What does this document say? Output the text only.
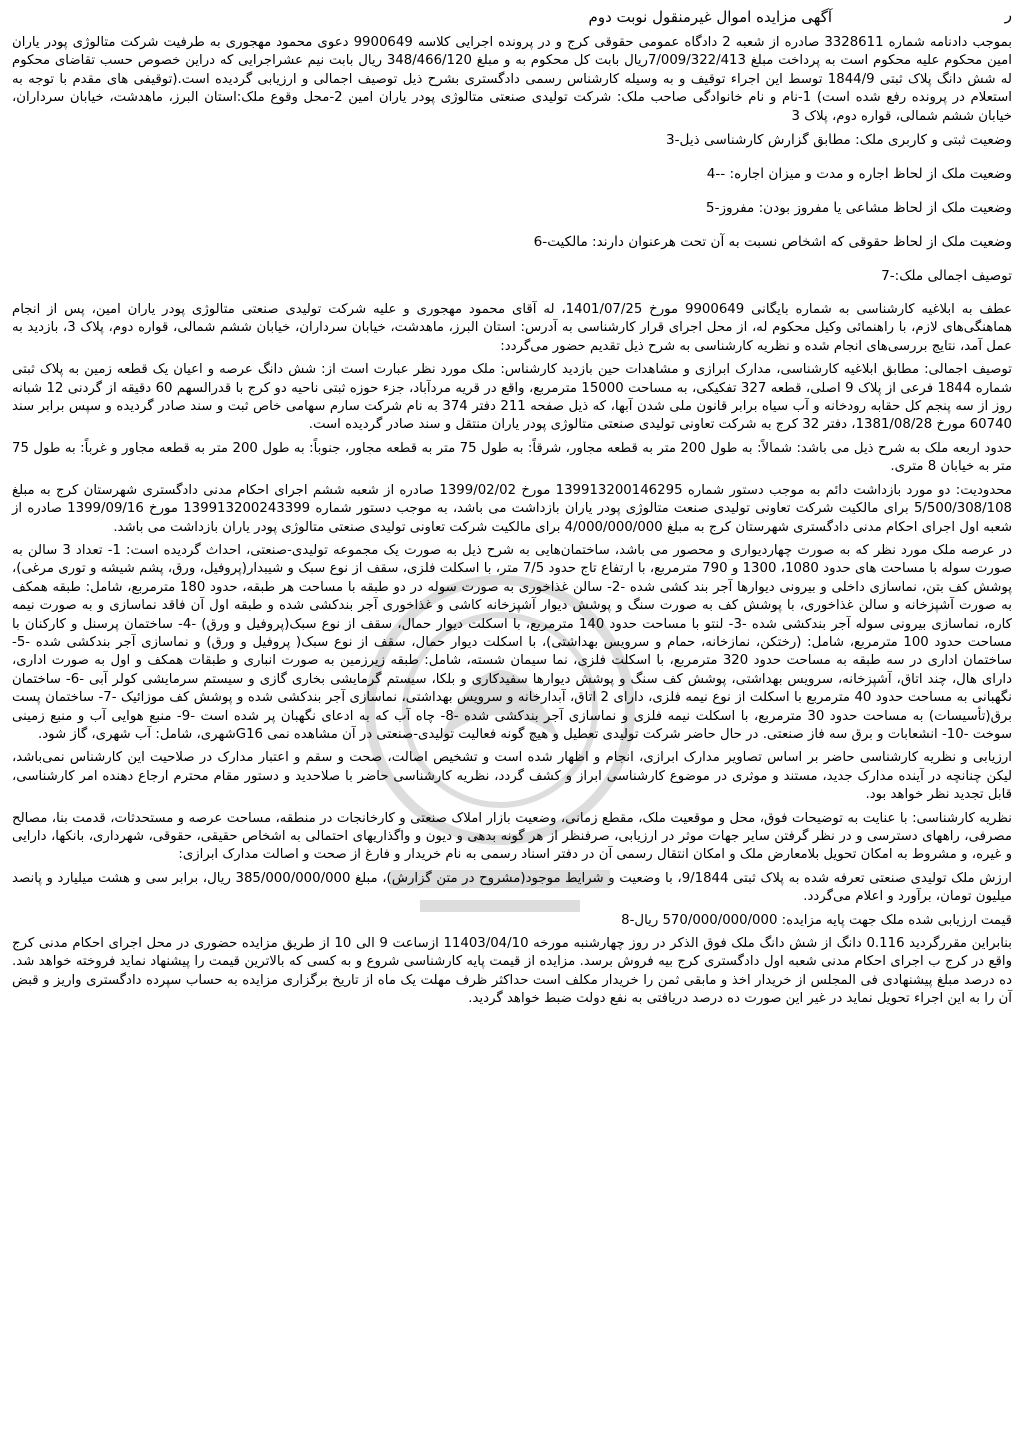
ر
آگهی مزایده اموال غیرمنقول نوبت دوم

بموجب دادنامه شماره 3328611 صادره از شعبه 2 دادگاه عمومی حقوقی کرج و در پرونده اجرایی کلاسه 9900649 دعوی محمود مهجوری به طرفیت شرکت متالوژی پودر یاران امین محکوم علیه محکوم است به پرداخت مبلغ 7/009/322/413ریال بابت کل محکوم به و مبلغ 348/466/120 ریال بابت نیم عشراجرایی که دراین خصوص حسب تقاضای محکوم له شش دانگ پلاک ثبتی 1844/9 توسط این اجراء توقیف و به وسیله کارشناس رسمی دادگستری بشرح ذیل توصیف اجمالی و ارزیابی گردیده است.(توقیفی های مقدم با توجه به استعلام در پرونده رفع شده است) 1-نام و نام خانوادگی صاحب ملک: شرکت تولیدی صنعتی متالوژی پودر یاران امین 2-محل وقوع ملک:استان البرز، ماهدشت، خیابان سرداران، خیابان ششم شمالی، قواره دوم، پلاک 3

وضعیت ثبتی و کاربری ملک: مطابق گزارش کارشناسی ذیل-3

وضعیت ملک از لحاظ اجاره و مدت و میزان اجاره: --4

وضعیت ملک از لحاظ مشاعی یا مفروز بودن: مفروز-5

وضعیت ملک از لحاظ حقوقی که اشخاص نسبت به آن تحت هرعنوان دارند: مالکیت-6

توصیف اجمالی ملک:-7

عطف به ابلاغیه کارشناسی به شماره بایگانی 9900649 مورخ 1401/07/25، له آقای محمود مهجوری و علیه شرکت تولیدی صنعتی متالوژی پودر یاران امین، پس از انجام هماهنگی‌های لازم، با راهنمائی وکیل محکوم له، از محل اجرای قرار کارشناسی به آدرس: استان البرز، ماهدشت، خیابان سرداران، خیابان ششم شمالی، قواره دوم، پلاک 3، بازدید به عمل آمد، نتایج بررسی‌های انجام شده و نظریه کارشناسی به شرح ذیل تقدیم حضور می‌گردد:

توصیف اجمالی: مطابق ابلاغیه کارشناسی، مدارک ابرازی و مشاهدات حین بازدید کارشناس: ملک مورد نظر عبارت است از: شش دانگ عرصه و اعیان یک قطعه زمین به پلاک ثبتی شماره 1844 فرعی از پلاک 9 اصلی، قطعه 327 تفکیکی، به مساحت 15000 مترمربع، واقع در قریه مردآباد، جزء حوزه ثبتی ناحیه دو کرج با قدرالسهم 60 دقیقه از گردنی 12 شبانه روز از سه پنجم کل حقابه رودخانه و آب سیاه برابر قانون ملی شدن آبها، که ذیل صفحه 211 دفتر 374 به نام شرکت سارم سهامی خاص ثبت و سند صادر گردیده و سپس برابر سند 60740 مورخ 1381/08/28، دفتر 32 کرج به شرکت تعاونی تولیدی صنعتی متالوژی پودر یاران منتقل و سند صادر گردیده است.

حدود اربعه ملک به شرح ذیل می باشد: شمالاً: به طول 200 متر به قطعه مجاور، شرقاً: به طول 75 متر به قطعه مجاور، جنوباً: به طول 200 متر به قطعه مجاور و غرباً: به طول 75 متر به خیابان 8 متری.

محدودیت: دو مورد بازداشت دائم به موجب دستور شماره 139913200146295 مورخ 1399/02/02 صادره از شعبه ششم اجرای احکام مدنی دادگستری شهرستان کرج به مبلغ 5/500/308/108 برای مالکیت شرکت تعاونی تولیدی صنعت متالوژی پودر یاران بازداشت می باشد، به موجب دستور شماره 139913200243399 مورخ 1399/09/16 صادره از شعبه اول اجرای احکام مدنی دادگستری شهرستان کرج به مبلغ 4/000/000/000 برای مالکیت شرکت تعاونی تولیدی صنعتی متالوژی پودر یاران بازداشت می باشد.

در عرصه ملک مورد نظر که به صورت چهاردیواری و محصور می باشد، ساختمان‌هایی به شرح ذیل به صورت یک مجموعه تولیدی-صنعتی، احداث گردیده است: 1- تعداد 3 سالن به صورت سوله با مساحت های حدود 1080، 1300 و 790 مترمربع، با ارتفاع تاج حدود 7/5 متر، با اسکلت فلزی، سقف از نوع سبک و شیبدار(پروفیل، ورق، پشم شیشه و توری مرغی)، پوشش کف بتن، نماسازی داخلی و بیرونی دیوارها آجر بند کشی شده -2- سالن غذاخوری به صورت سوله در دو طبقه با مساحت هر طبقه، حدود 180 مترمربع، شامل: طبقه همکف به صورت آشپزخانه و سالن غذاخوری، با پوشش کف به صورت سنگ و پوشش دیوار آشپزخانه کاشی و غذاخوری آجر بندکشی شده و طبقه اول آن فاقد نماسازی و به صورت نیمه کاره، نماسازی بیرونی سوله آجر بندکشی شده -3- لنتو با مساحت حدود 140 مترمربع، با اسکلت دیوار حمال، سقف از نوع سبک(پروفیل و ورق) -4- ساختمان پرسنل و کارکنان با مساحت حدود 100 مترمربع، شامل: (رختکن، نمازخانه، حمام و سرویس بهداشتی)، با اسکلت دیوار حمال، سقف از نوع سبک( پروفیل و ورق) و نماسازی آجر بندکشی شده -5- ساختمان اداری در سه طبقه به مساحت حدود 320 مترمربع، با اسکلت فلزی، نما سیمان شسته، شامل: طبقه زیرزمین به صورت انباری و طبقات همکف و اول به صورت اداری، دارای هال، چند اتاق، آشپزخانه، سرویس بهداشتی، پوشش کف سنگ و پوشش دیوارها سفیدکاری و بلکا، سیستم گرمایشی بخاری گازی و سیستم سرمایشی کولر آبی -6- ساختمان نگهبانی به مساحت حدود 40 مترمربع با اسکلت از نوع نیمه فلزی، دارای 2 اتاق، آبدارخانه و سرویس بهداشتی، نماسازی آجر بندکشی شده و پوشش کف موزائیک -7- ساختمان پست برق(تأسیسات) به مساحت حدود 30 مترمربع، با اسکلت نیمه فلزی و نماسازی آجر بندکشی شده -8- چاه آب که به ادعای نگهبان پر شده است -9- منبع هوایی آب و منبع زمینی سوخت -10- انشعابات و برق سه فاز صنعتی. در حال حاضر شرکت تولیدی تعطیل و هیچ گونه فعالیت تولیدی-صنعتی در آن مشاهده نمی G16شهری، شامل: آب شهری، گاز شود.

ارزیابی و نظریه کارشناسی حاضر بر اساس تصاویر مدارک ابرازی، انجام و اظهار شده است و تشخیص اصالت، صحت و سقم و اعتبار مدارک در صلاحیت این کارشناس نمی‌باشد، لیکن چنانچه در آینده مدارک جدید، مستند و موثری در موضوع کارشناسی ابراز و کشف گردد، نظریه کارشناسی حاضر با صلاحدید و دستور مقام محترم ارجاع دهنده امر کارشناسی، قابل تجدید نظر خواهد بود.

نظریه کارشناسی: با عنایت به توضیحات فوق، محل و موقعیت ملک، مقطع زمانی، وضعیت بازار املاک صنعتی و کارخانجات در منطقه، مساحت عرصه و مستحدثات، قدمت بنا، مصالح مصرفی، راههای دسترسی و در نظر گرفتن سایر جهات موثر در ارزیابی، صرفنظر از هر گونه بدهی و دیون و واگذاریهای احتمالی به اشخاص حقیقی، حقوقی، شهرداری، بانکها، دارایی و غیره، و مشروط به امکان تحویل بلامعارض ملک و امکان انتقال رسمی آن در دفتر اسناد رسمی به نام خریدار و فارغ از صحت و اصالت مدارک ابرازی:

ارزش ملک تولیدی صنعتی تعرفه شده به پلاک ثبتی 9/1844، با وضعیت و شرایط موجود(مشروح در متن گزارش)، مبلغ 385/000/000/000 ریال، برابر سی و هشت میلیارد و پانصد میلیون تومان، برآورد و اعلام می‌گردد.

قیمت ارزیابی شده ملک جهت پایه مزایده: 570/000/000/000 ریال-8

بنابراین مقررگردید 0.116 دانگ از شش دانگ ملک فوق الذکر در روز چهارشنبه مورخه 11403/04/10 ازساعت 9 الی 10 از طریق مزایده حضوری در محل اجرای احکام مدنی کرج واقع در کرج ب اجرای احکام مدنی شعبه اول دادگستری کرج بیه فروش برسد. مزایده از قیمت پایه کارشناسی شروع و به کسی که بالاترین قیمت را پیشنهاد نماید فروخته خواهد شد. ده درصد مبلغ پیشنهادی فی المجلس از خریدار اخذ و مابقی ثمن را خریدار مکلف است حداکثر ظرف مهلت یک ماه از تاریخ برگزاری مزایده به حساب سپرده دادگستری واریز و قبض آن را به این اجراء تحویل نماید در غیر این صورت ده درصد دریافتی به نفع دولت ضبط خواهد گردید.
